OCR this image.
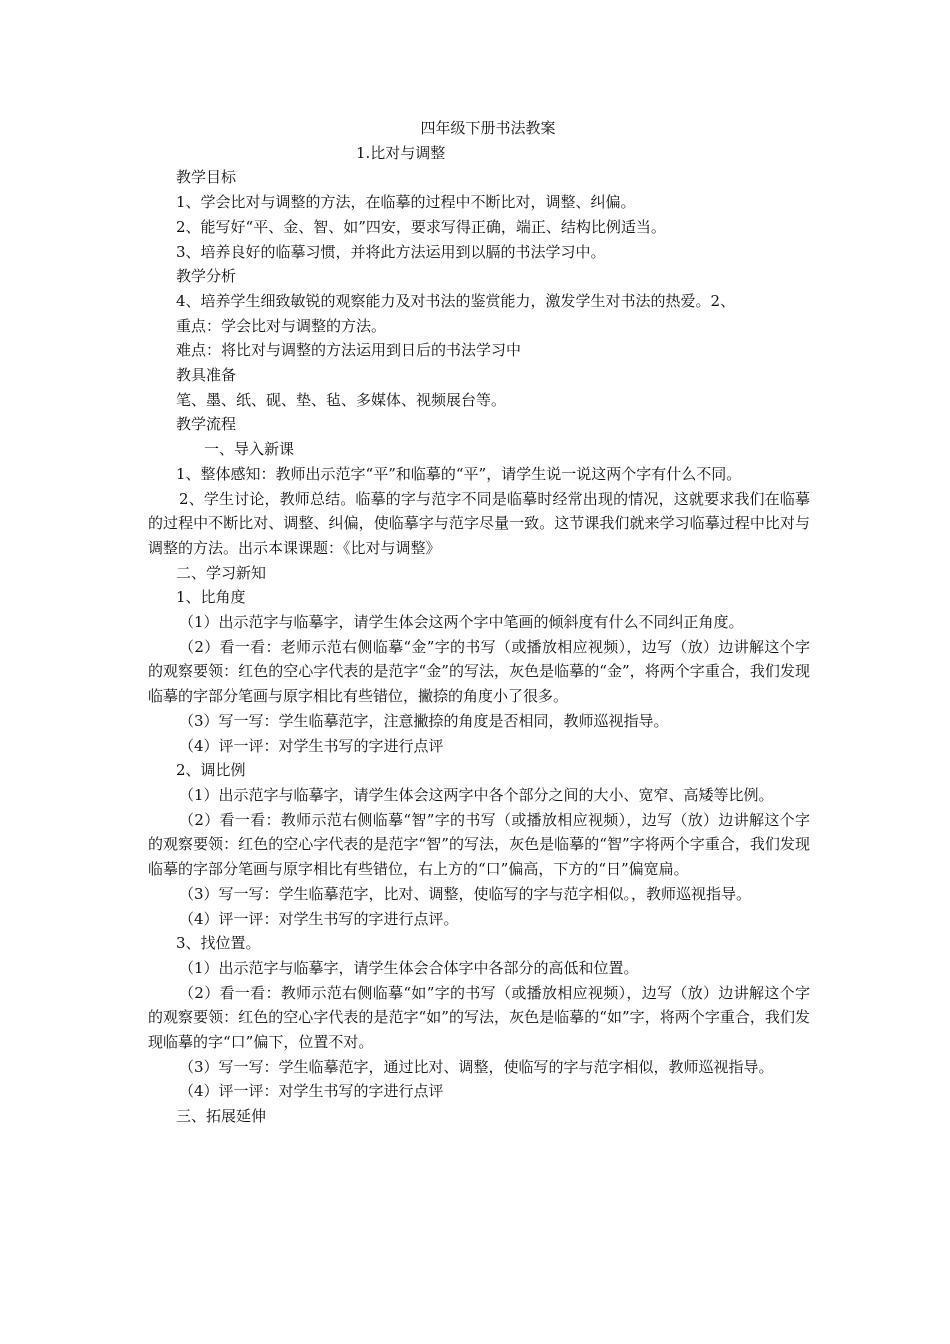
四年级下册书法教案
1.比对与调整
教学目标
1、学会比对与调整的方法，在临摹的过程中不断比对，调整、纠偏。
2、能写好“平、金、智、如”四安，要求写得正确，端正、结构比例适当。
3、培养良好的临摹习惯，并将此方法运用到以膈的书法学习中。
教学分析
4、培养学生细致敏锐的观察能力及对书法的鉴赏能力，激发学生对书法的热爱。2、
重点：学会比对与调整的方法。
难点：将比对与调整的方法运用到日后的书法学习中
教具准备
笔、墨、纸、砚、垫、毡、多媒体、视频展台等。
教学流程
一、导入新课
1、整体感知：教师出示范字“平”和临摹的“平”，请学生说一说这两个字有什么不同。
2、学生讨论，教师总结。临摹的字与范字不同是临摹时经常出现的情况，这就要求我们在临摹的过程中不断比对、调整、纠偏，使临摹字与范字尽量一致。这节课我们就来学习临摹过程中比对与调整的方法。出示本课课题：《比对与调整》
二、学习新知
1、比角度
（1）出示范字与临摹字，请学生体会这两个字中笔画的倾斜度有什么不同纠正角度。
（2）看一看：老师示范右侧临摹“金”字的书写（或播放相应视频），边写（放）边讲解这个字的观察要领：红色的空心字代表的是范字“金”的写法，灰色是临摹的“金”，将两个字重合，我们发现临摹的字部分笔画与原字相比有些错位，撇捺的角度小了很多。
（3）写一写：学生临摹范字，注意撇捺的角度是否相同，教师巡视指导。
（4）评一评：对学生书写的字进行点评
2、调比例
（1）出示范字与临摹字，请学生体会这两字中各个部分之间的大小、宽窄、高矮等比例。
（2）看一看：教师示范右侧临摹“智”字的书写（或播放相应视频），边写（放）边讲解这个字的观察要领：红色的空心字代表的是范字“智”的写法，灰色是临摹的“智”字将两个字重合，我们发现临摹的字部分笔画与原字相比有些错位，右上方的“口”偏高，下方的“日”偏宽扁。
（3）写一写：学生临摹范字，比对、调整，使临写的字与范字相似。，教师巡视指导。
（4）评一评：对学生书写的字进行点评。
3、找位置。
（1）出示范字与临摹字，请学生体会合体字中各部分的高低和位置。
（2）看一看：教师示范右侧临摹“如”字的书写（或播放相应视频），边写（放）边讲解这个字的观察要领：红色的空心字代表的是范字“如”的写法，灰色是临摹的“如”字，将两个字重合，我们发现临摹的字“口”偏下，位置不对。
（3）写一写：学生临摹范字，通过比对、调整，使临写的字与范字相似，教师巡视指导。
（4）评一评：对学生书写的字进行点评
三、拓展延伸
